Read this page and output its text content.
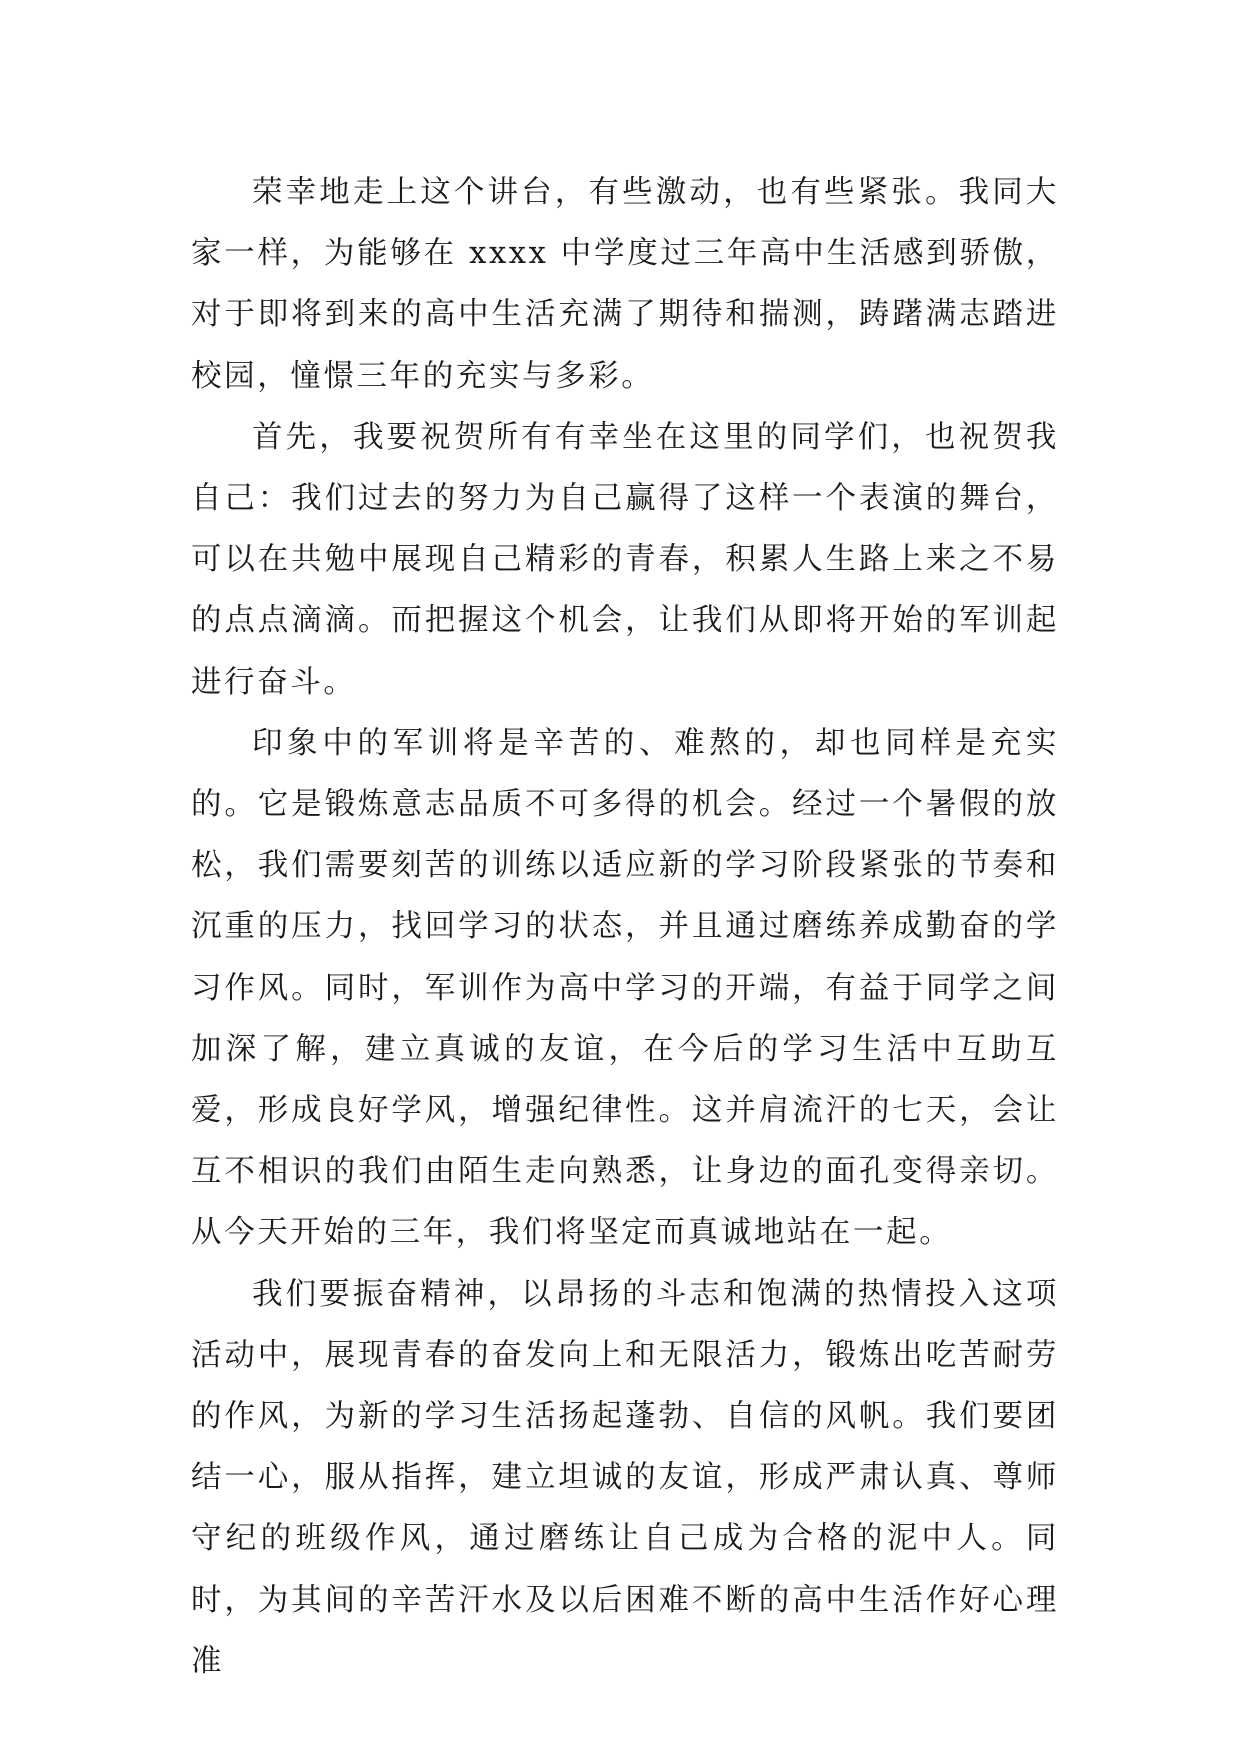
荣幸地走上这个讲台，有些激动，也有些紧张。我同大家一样，为能够在 xxxx 中学度过三年高中生活感到骄傲，对于即将到来的高中生活充满了期待和揣测，踌躇满志踏进校园，憧憬三年的充实与多彩。

首先，我要祝贺所有有幸坐在这里的同学们，也祝贺我自己：我们过去的努力为自己赢得了这样一个表演的舞台，可以在共勉中展现自己精彩的青春，积累人生路上来之不易的点点滴滴。而把握这个机会，让我们从即将开始的军训起进行奋斗。

印象中的军训将是辛苦的、难熬的，却也同样是充实的。它是锻炼意志品质不可多得的机会。经过一个暑假的放松，我们需要刻苦的训练以适应新的学习阶段紧张的节奏和沉重的压力，找回学习的状态，并且通过磨练养成勤奋的学习作风。同时，军训作为高中学习的开端，有益于同学之间加深了解，建立真诚的友谊，在今后的学习生活中互助互爱，形成良好学风，增强纪律性。这并肩流汗的七天，会让互不相识的我们由陌生走向熟悉，让身边的面孔变得亲切。从今天开始的三年，我们将坚定而真诚地站在一起。

我们要振奋精神，以昂扬的斗志和饱满的热情投入这项活动中，展现青春的奋发向上和无限活力，锻炼出吃苦耐劳的作风，为新的学习生活扬起蓬勃、自信的风帆。我们要团结一心，服从指挥，建立坦诚的友谊，形成严肃认真、尊师守纪的班级作风，通过磨练让自己成为合格的泥中人。同时，为其间的辛苦汗水及以后困难不断的高中生活作好心理准
